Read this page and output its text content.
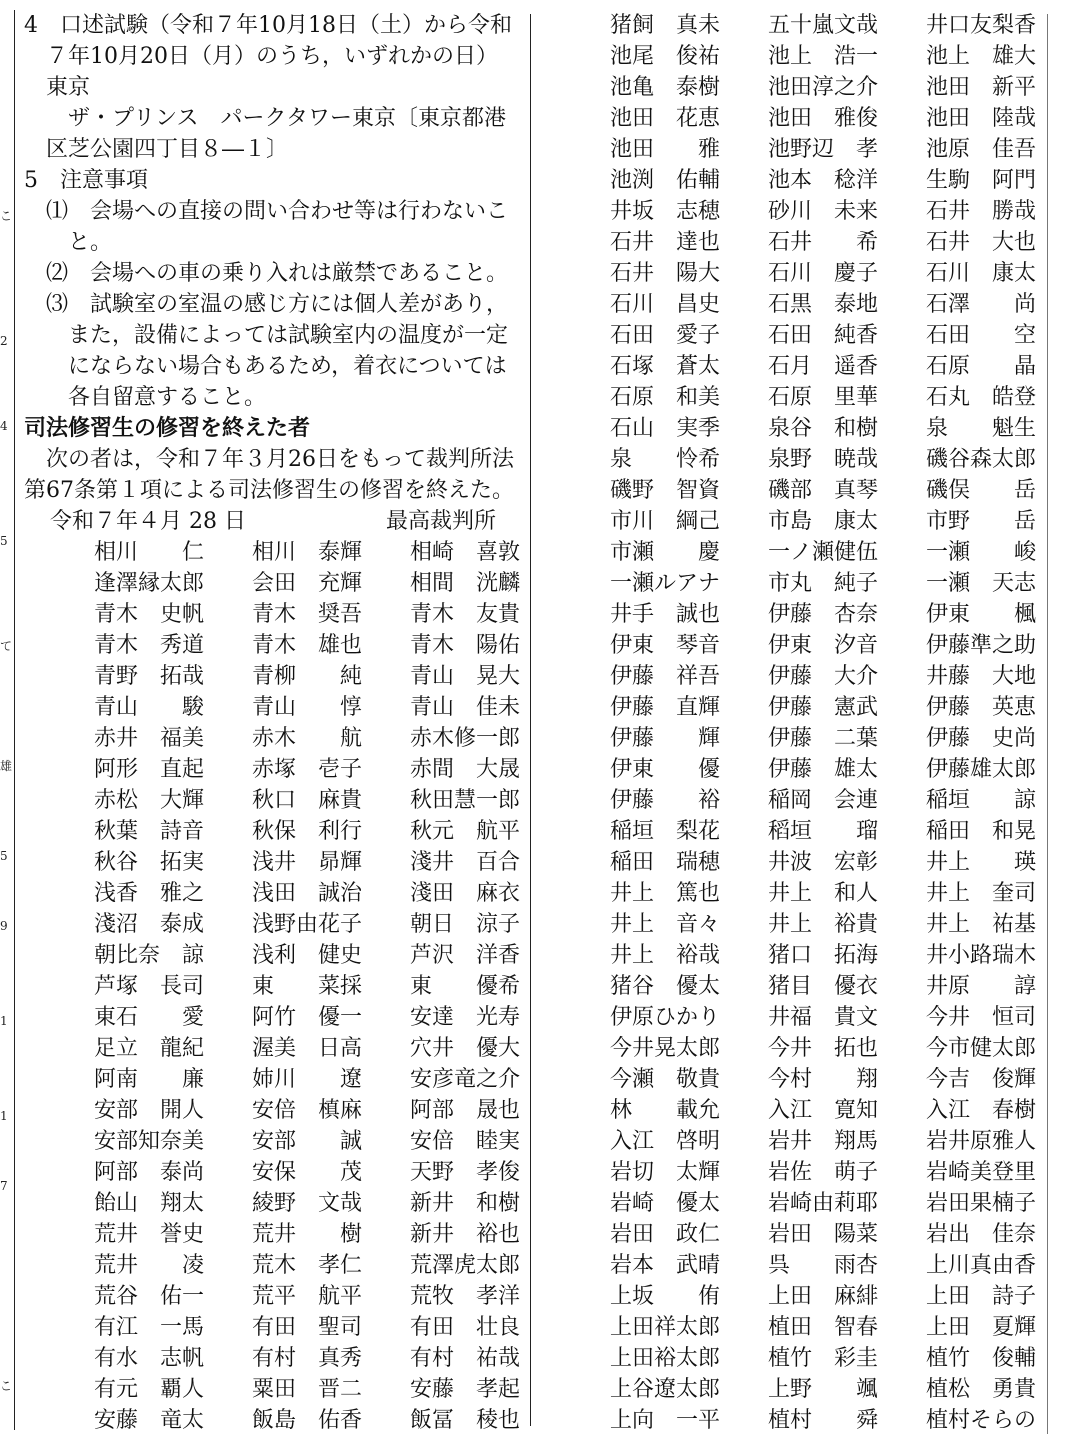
こ
2
4
5
て
雄
5
9
1
1
7
こ
4　口述試験（令和７年10月18日（土）から令和
　７年10月20日（月）のうち，いずれかの日）
　東京
　　ザ・プリンス　パークタワー東京〔東京都港
　区芝公園四丁目８―１〕
5　注意事項
　⑴　会場への直接の問い合わせ等は行わないこ
　　と。
　⑵　会場への車の乗り入れは厳禁であること。
　⑶　試験室の室温の感じ方には個人差があり，
　　また，設備によっては試験室内の温度が一定
　　にならない場合もあるため，着衣については
　　各自留意すること。
司法修習生の修習を終えた者
　次の者は，令和７年３月26日をもって裁判所法
第67条第１項による司法修習生の修習を終えた。
令和７年４月 28 日	最高裁判所
相川　　仁 相川　泰輝 相崎　喜敦
逢澤縁太郎 会田　充輝 相間　洸麟
青木　史帆 青木　奨吾 青木　友貴
青木　秀道 青木　雄也 青木　陽佑
青野　拓哉 青柳　　純 青山　晃大
青山　　駿 青山　　惇 青山　佳未
赤井　福美 赤木　　航 赤木修一郎
阿形　直起 赤塚　壱子 赤間　大晟
赤松　大輝 秋口　麻貴 秋田慧一郎
秋葉　詩音 秋保　利行 秋元　航平
秋谷　拓実 浅井　昴輝 淺井　百合
浅香　雅之 浅田　誠治 淺田　麻衣
淺沼　泰成 浅野由花子 朝日　涼子
朝比奈　諒 浅利　健史 芦沢　洋香
芦塚　長司 東　　菜採 東　　優希
東石　　愛 阿竹　優一 安達　光寿
足立　龍紀 渥美　日高 穴井　優大
阿南　　廉 姉川　　遼 安彦竜之介
安部　開人 安倍　槙麻 阿部　晟也
安部知奈美 安部　　誠 安倍　睦実
阿部　泰尚 安保　　茂 天野　孝俊
飴山　翔太 綾野　文哉 新井　和樹
荒井　誉史 荒井　　樹 新井　裕也
荒井　　凌 荒木　孝仁 荒澤虎太郎
荒谷　佑一 荒平　航平 荒牧　孝洋
有江　一馬 有田　聖司 有田　壮良
有水　志帆 有村　真秀 有村　祐哉
有元　覇人 粟田　晋二 安藤　孝起
安藤　竜太 飯島　佑香 飯冨　稜也
猪飼　真未 五十嵐文哉 井口友梨香
池尾　俊祐 池上　浩一 池上　雄大
池亀　泰樹 池田淳之介 池田　新平
池田　花恵 池田　雅俊 池田　陸哉
池田　　雅 池野辺　孝 池原　佳吾
池渕　佑輔 池本　稔洋 生駒　阿門
井坂　志穂 砂川　未来 石井　勝哉
石井　達也 石井　　希 石井　大也
石井　陽大 石川　慶子 石川　康太
石川　昌史 石黒　泰地 石澤　　尚
石田　愛子 石田　純香 石田　　空
石塚　蒼太 石月　遥香 石原　　晶
石原　和美 石原　里華 石丸　皓登
石山　実季 泉谷　和樹 泉　　魁生
泉　　怜希 泉野　暁哉 磯谷森太郎
磯野　智資 磯部　真琴 磯俣　　岳
市川　綱己 市島　康太 市野　　岳
市瀬　　慶 一ノ瀬健伍 一瀬　　峻
一瀬ルアナ 市丸　純子 一瀬　天志
井手　誠也 伊藤　杏奈 伊東　　楓
伊東　琴音 伊東　汐音 伊藤準之助
伊藤　祥吾 伊藤　大介 井藤　大地
伊藤　直輝 伊藤　憲武 伊藤　英恵
伊藤　　輝 伊藤　二葉 伊藤　史尚
伊東　　優 伊藤　雄太 伊藤雄太郎
伊藤　　裕 稲岡　会連 稲垣　　諒
稲垣　梨花 稻垣　　瑠 稲田　和晃
稲田　瑞穂 井波　宏彰 井上　　瑛
井上　篤也 井上　和人 井上　奎司
井上　音々 井上　裕貴 井上　祐基
井上　裕哉 猪口　拓海 井小路瑞木
猪谷　優太 猪目　優衣 井原　　諄
伊原ひかり 井福　貴文 今井　恒司
今井晃太郎 今井　拓也 今市健太郎
今瀬　敬貴 今村　　翔 今吉　俊輝
林　　載允 入江　寛知 入江　春樹
入江　啓明 岩井　翔馬 岩井原雅人
岩切　太輝 岩佐　萌子 岩崎美登里
岩崎　優太 岩崎由莉耶 岩田果楠子
岩田　政仁 岩田　陽菜 岩出　佳奈
岩本　武晴 呉　　雨杏 上川真由香
上坂　　侑 上田　麻緋 上田　詩子
上田祥太郎 植田　智春 上田　夏輝
上田裕太郎 植竹　彩圭 植竹　俊輔
上谷遼太郎 上野　　颯 植松　勇貴
上向　一平 植村　　舜 植村そらの
